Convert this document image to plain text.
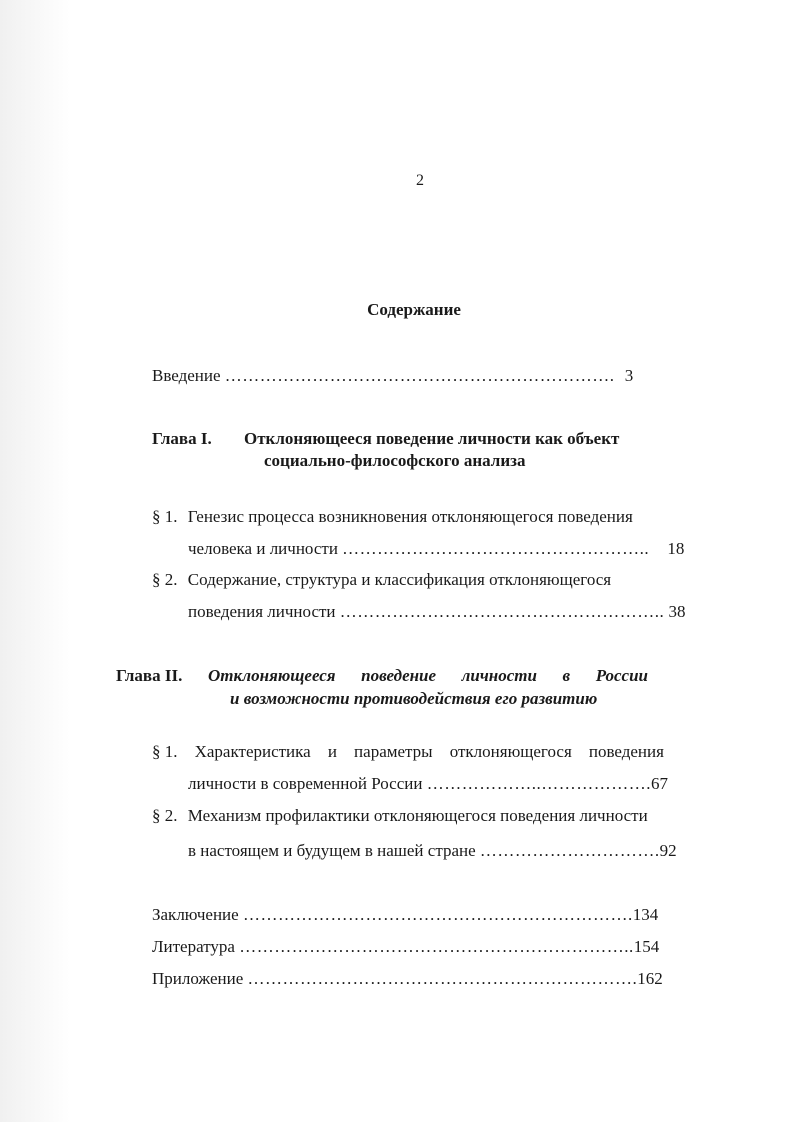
2
Содержание
Введение …………………………………………………………. 3
Глава I. Отклоняющееся поведение личности как объект
социально-философского анализа
§ 1. Генезис процесса возникновения отклоняющегося поведения
человека и личности …………………………………………….. 18
§ 2. Содержание, структура и классификация отклоняющегося
поведения личности ……………………………………………….. 38
Глава II. Отклоняющееся поведение личности в России
и возможности противодействия его развитию
§ 1. Характеристика и параметры отклоняющегося поведения
личности в современной России ………………..……………….67
§ 2. Механизм профилактики отклоняющегося поведения личности
в настоящем и будущем в нашей стране ………………………….92
Заключение ………………………………………………………….134
Литература …………………………………………………………..154
Приложение ………………………………………………………….162
